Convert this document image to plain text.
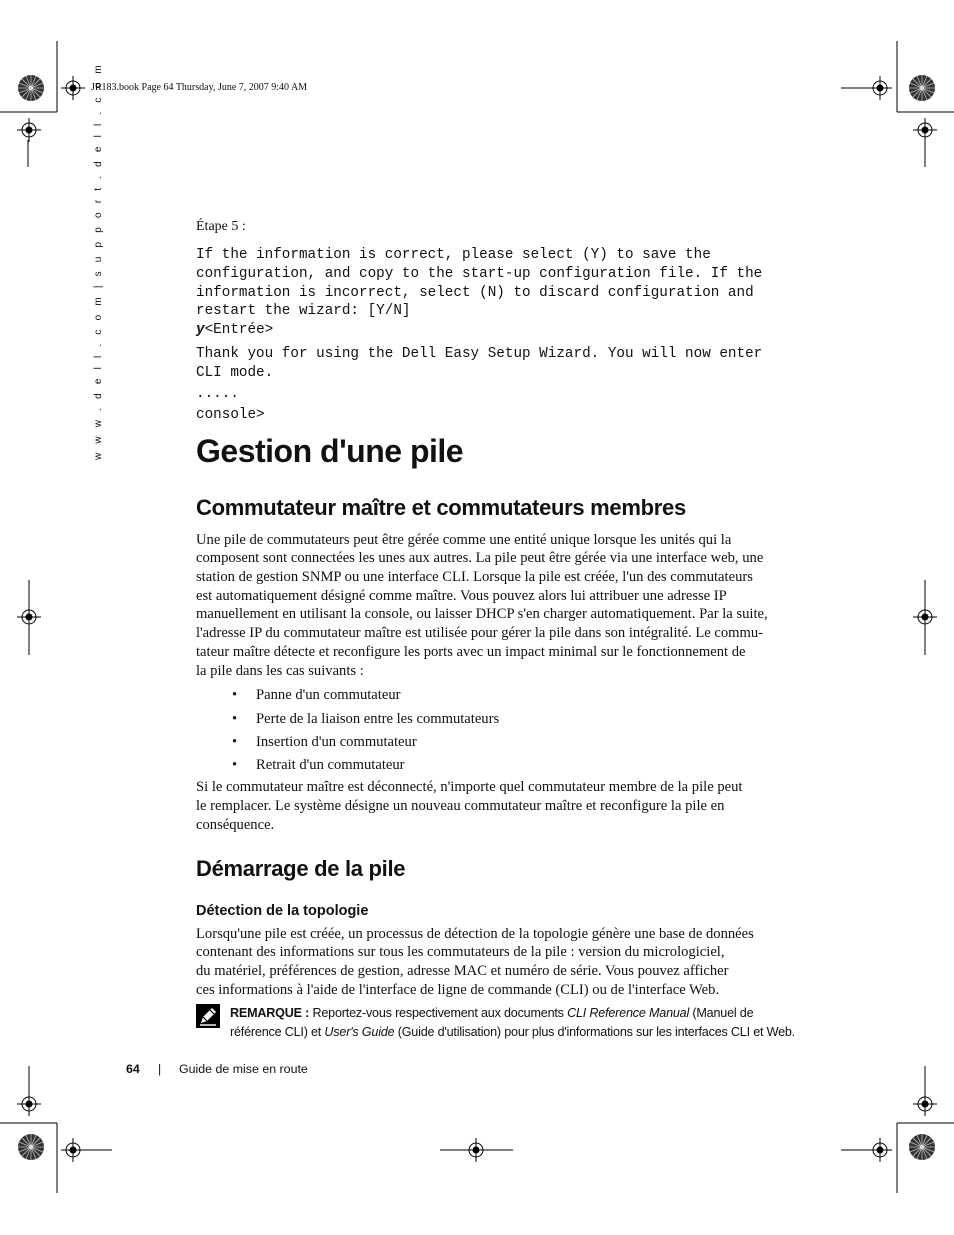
JR183.book Page 64 Thursday, June 7, 2007 9:40 AM
w w w . d e l l . c o m | s u p p o r t . d e l l . c o m	Étape 5 :

If the information is correct, please select (Y) to save the
configuration, and copy to the start-up configuration file. If the
information is incorrect, select (N) to discard configuration and
restart the wizard: [Y/N]
y<Entrée>
Thank you for using the Dell Easy Setup Wizard. You will now enter
CLI mode.
.....
console>
Gestion d'une pile
Commutateur maître et commutateurs membres

Une pile de commutateurs peut être gérée comme une entité unique lorsque les unités qui la

composent sont connectées les unes aux autres. La pile peut être gérée via une interface web, une

station de gestion SNMP ou une interface CLI. Lorsque la pile est créée, l'un des commutateurs

est automatiquement désigné comme maître. Vous pouvez alors lui attribuer une adresse IP

manuellement en utilisant la console, ou laisser DHCP s'en charger automatiquement. Par la suite,

l'adresse IP du commutateur maître est utilisée pour gérer la pile dans son intégralité. Le commu-

tateur maître détecte et reconfigure les ports avec un impact minimal sur le fonctionnement de

la pile dans les cas suivants :

• Panne d'un commutateur
• Perte de la liaison entre les commutateurs
• Insertion d'un commutateur
• Retrait d'un commutateur

Si le commutateur maître est déconnecté, n'importe quel commutateur membre de la pile peut

le remplacer. Le système désigne un nouveau commutateur maître et reconfigure la pile en

conséquence.

Démarrage de la pile
Détection de la topologie

Lorsqu'une pile est créée, un processus de détection de la topologie génère une base de données

contenant des informations sur tous les commutateurs de la pile : version du micrologiciel,

du matériel, préférences de gestion, adresse MAC et numéro de série. Vous pouvez afficher

ces informations à l'aide de l'interface de ligne de commande (CLI) ou de l'interface Web.

REMARQUE : Reportez-vous respectivement aux documents CLI Reference Manual (Manuel de
référence CLI) et User's Guide (Guide d'utilisation) pour plus d'informations sur les interfaces CLI et Web.
64 | Guide de mise en route
